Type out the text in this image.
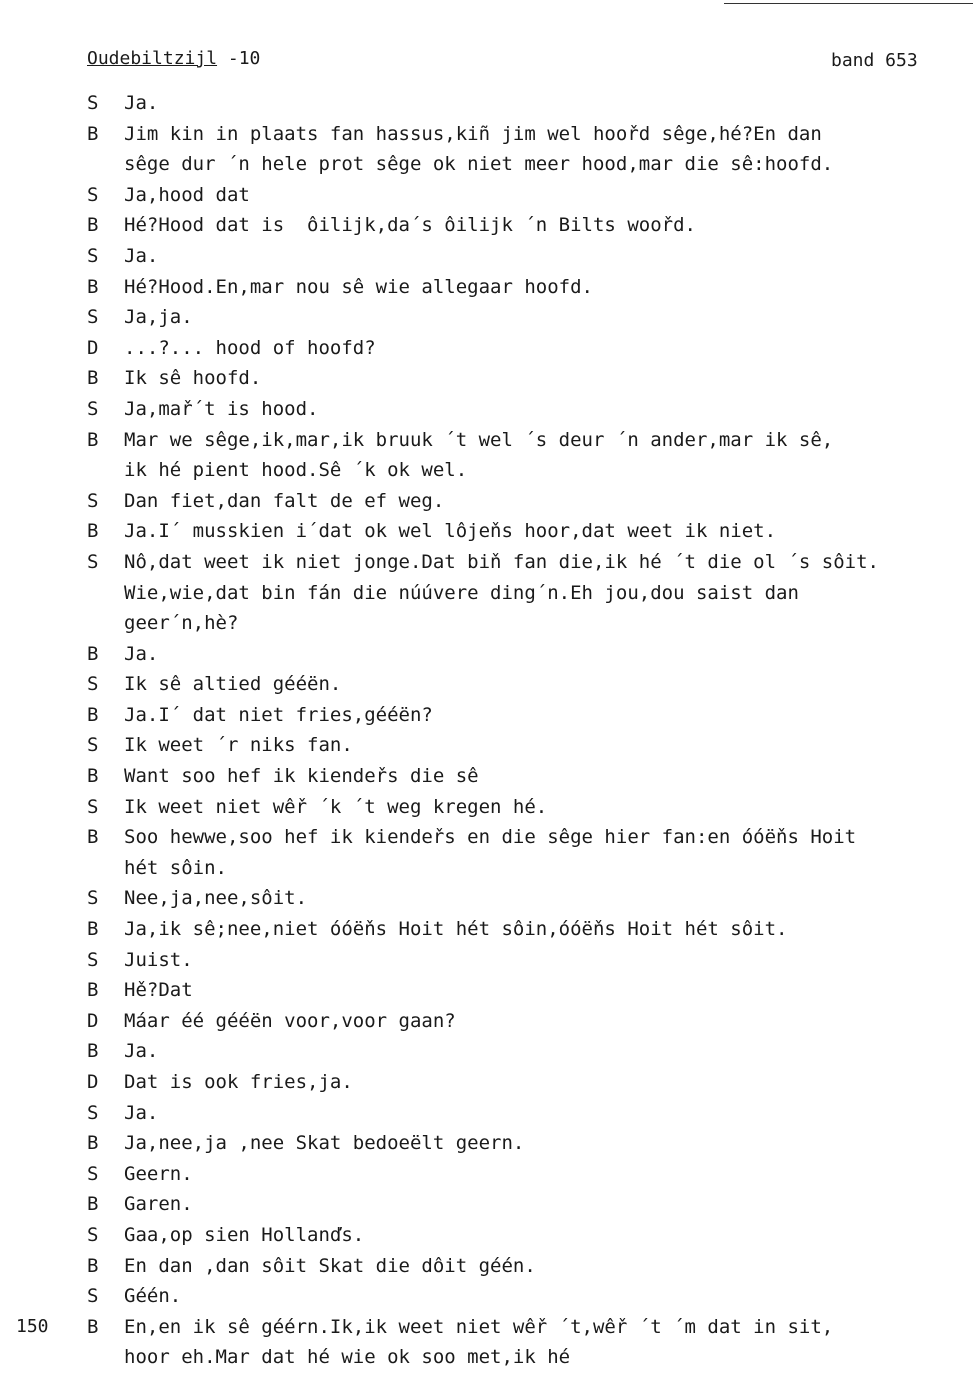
Oudebiltzijl -10	band 653
S	Ja.
B	Jim kin in plaats fan hassus,kiñ jim wel hoořd sêge,hé?En dan
sêge dur ´n hele prot sêge ok niet meer hood,mar die sê:hoofd.
S	Ja,hood dat
B	Hé?Hood dat is  ôilijk,da´s ôilijk ´n Bilts woořd.
S	Ja.
B	Hé?Hood.En,mar nou sê wie allegaar hoofd.
S	Ja,ja.
D	...?... hood of hoofd?
B	Ik sê hoofd.
S	Ja,mař´t is hood.
B	Mar we sêge,ik,mar,ik bruuk ´t wel ´s deur ´n ander,mar ik sê,
ik hé pient hood.Sê ´k ok wel.
S	Dan fiet,dan falt de ef weg.
B	Ja.I´ musskien i´dat ok wel lôjeňs hoor,dat weet ik niet.
S	Nô,dat weet ik niet jonge.Dat biň fan die,ik hé ´t die ol ´s sôit.
Wie,wie,dat bin fán die núúvere ding´n.Eh jou,dou saist dan
geer´n,hè?
B	Ja.
S	Ik sê altied gééën.
B	Ja.I´ dat niet fries,gééën?
S	Ik weet ´r niks fan.
B	Want soo hef ik kiendeřs die sê
S	Ik weet niet wêř ´k ´t weg kregen hé.
B	Soo hewwe,soo hef ik kiendeřs en die sêge hier fan:en óóëňs Hoit
hét sôin.
S	Nee,ja,nee,sôit.
B	Ja,ik sê;nee,niet óóëňs Hoit hét sôin,óóëňs Hoit hét sôit.
S	Juist.
B	Hě?Dat
D	Máar éé gééën voor,voor gaan?
B	Ja.
D	Dat is ook fries,ja.
S	Ja.
B	Ja,nee,ja ,nee Skat bedoeëlt geern.
S	Geern.
B	Garen.
S	Gaa,op sien Hollanďs.
B	En dan ,dan sôit Skat die dôit géén.
S	Géén.
150	B	En,en ik sê géérn.Ik,ik weet niet wêř ´t,wêř ´t ´m dat in sit,
hoor eh.Mar dat hé wie ok soo met,ik hé
